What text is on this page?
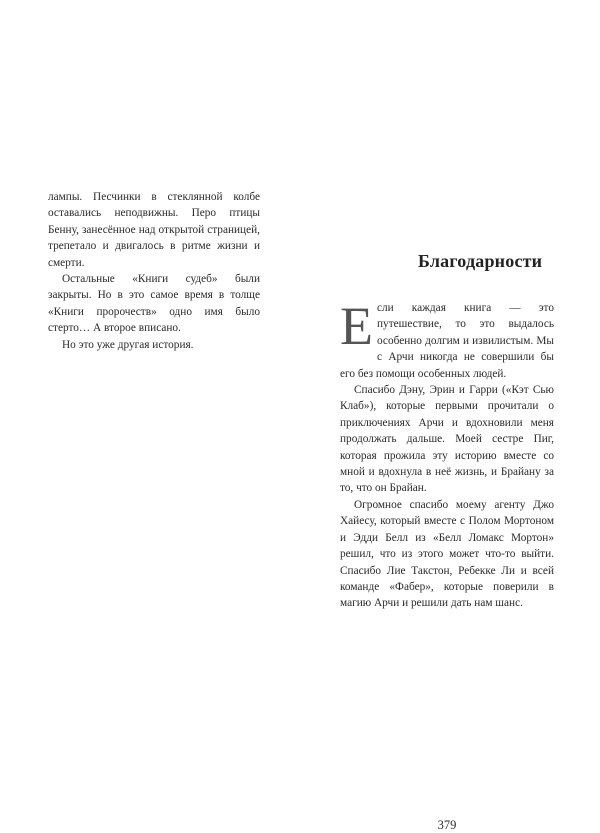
лампы. Песчинки в стеклянной колбе оставались неподвижны. Перо птицы Бенну, занесённое над открытой страницей, трепетало и двигалось в ритме жизни и смерти.

Остальные «Книги судеб» были закрыты. Но в это самое время в толще «Книги пророчеств» одно имя было стерто… А второе вписано.

Но это уже другая история.

Благодарности

Если каждая книга — это путешествие, то это выдалось особенно долгим и извилистым. Мы с Арчи никогда не совершили бы его без помощи особенных людей.

Спасибо Дэну, Эрин и Гарри («Кэт Сью Клаб»), которые первыми прочитали о приключениях Арчи и вдохновили меня продолжать дальше. Моей сестре Пиг, которая прожила эту историю вместе со мной и вдохнула в неё жизнь, и Брайану за то, что он Брайан.

Огромное спасибо моему агенту Джо Хайесу, который вместе с Полом Мортоном и Эдди Белл из «Белл Ломакс Мортон» решил, что из этого может что-то выйти. Спасибо Лие Такстон, Ребекке Ли и всей команде «Фабер», которые поверили в магию Арчи и решили дать нам шанс.

379
